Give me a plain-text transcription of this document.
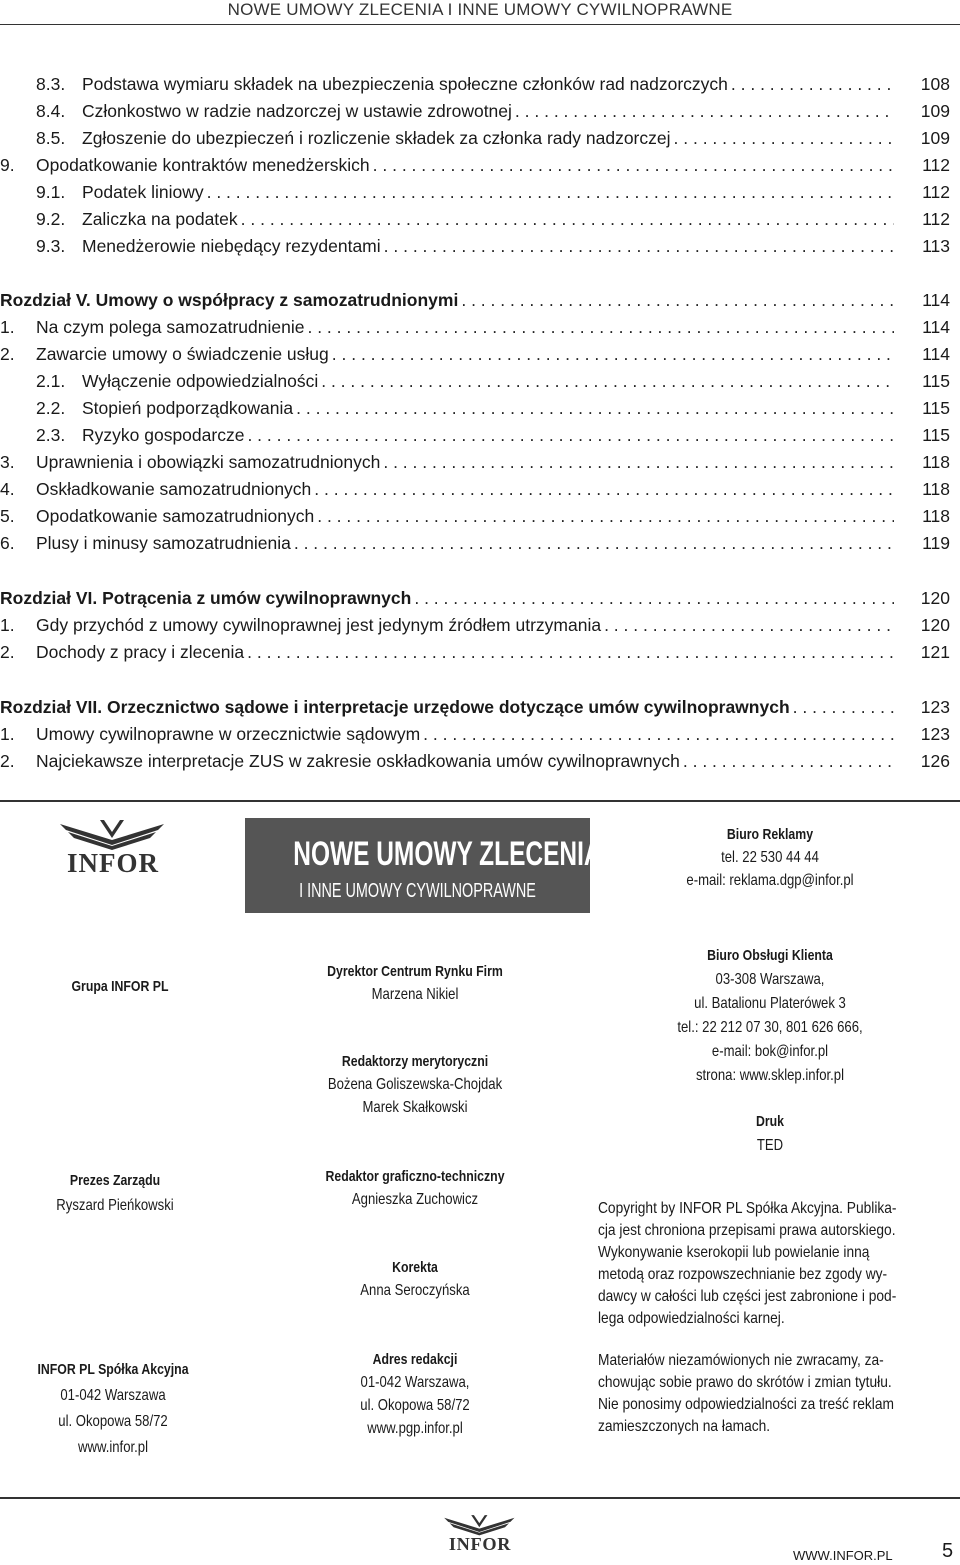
NOWE UMOWY ZLECENIA I INNE UMOWY CYWILNOPRAWNE
8.3. Podstawa wymiaru składek na ubezpieczenia społeczne członków rad nadzorczych . . .	108
8.4. Członkostwo w radzie nadzorczej w ustawie zdrowotnej . . .	109
8.5. Zgłoszenie do ubezpieczeń i rozliczenie składek za członka rady nadzorczej . . .	109
9. Opodatkowanie kontraktów menedżerskich . . .	112
9.1. Podatek liniowy . . .	112
9.2. Zaliczka na podatek . . .	112
9.3. Menedżerowie niebędący rezydentami . . .	113
Rozdział V. Umowy o współpracy z samozatrudnionymi . . .	114
1. Na czym polega samozatrudnienie . . .	114
2. Zawarcie umowy o świadczenie usług . . .	114
2.1. Wyłączenie odpowiedzialności . . .	115
2.2. Stopień podporządkowania . . .	115
2.3. Ryzyko gospodarcze . . .	115
3. Uprawnienia i obowiązki samozatrudnionych . . .	118
4. Oskładkowanie samozatrudnionych . . .	118
5. Opodatkowanie samozatrudnionych . . .	118
6. Plusy i minusy samozatrudnienia . . .	119
Rozdział VI. Potrącenia z umów cywilnoprawnych . . .	120
1. Gdy przychód z umowy cywilnoprawnej jest jedynym źródłem utrzymania . . .	120
2. Dochody z pracy i zlecenia . . .	121
Rozdział VII. Orzecznictwo sądowe i interpretacje urzędowe dotyczące umów cywilnoprawnych . . .	123
1. Umowy cywilnoprawne w orzecznictwie sądowym . . .	123
2. Najciekawsze interpretacje ZUS w zakresie oskładkowania umów cywilnoprawnych . . .	126
INFOR	NOWE UMOWY ZLECENIA
I INNE UMOWY CYWILNOPRAWNE
Biuro Reklamy
tel. 22 530 44 44
e-mail: reklama.dgp@infor.pl
Grupa INFOR PL
Prezes Zarządu
Ryszard Pieńkowski
INFOR PL Spółka Akcyjna
01-042 Warszawa
ul. Okopowa 58/72
www.infor.pl
Dyrektor Centrum Rynku Firm
Marzena Nikiel
Redaktorzy merytoryczni
Bożena Goliszewska-Chojdak
Marek Skałkowski
Redaktor graficzno-techniczny
Agnieszka Zuchowicz
Korekta
Anna Seroczyńska
Adres redakcji
01-042 Warszawa,
ul. Okopowa 58/72
www.pgp.infor.pl
Biuro Obsługi Klienta
03-308 Warszawa,
ul. Batalionu Platerówek 3
tel.: 22 212 07 30, 801 626 666,
e-mail: bok@infor.pl
strona: www.sklep.infor.pl
Druk
TED
Copyright by INFOR PL Spółka Akcyjna. Publika-
cja jest chroniona przepisami prawa autorskiego.
Wykonywanie kserokopii lub powielanie inną
metodą oraz rozpowszechnianie bez zgody wy-
dawcy w całości lub części jest zabronione i pod-
lega odpowiedzialności karnej.
Materiałów niezamówionych nie zwracamy, za-
chowując sobie prawo do skrótów i zmian tytułu.
Nie ponosimy odpowiedzialności za treść reklam
zamieszczonych na łamach.
INFOR
WWW.INFOR.PL 5
